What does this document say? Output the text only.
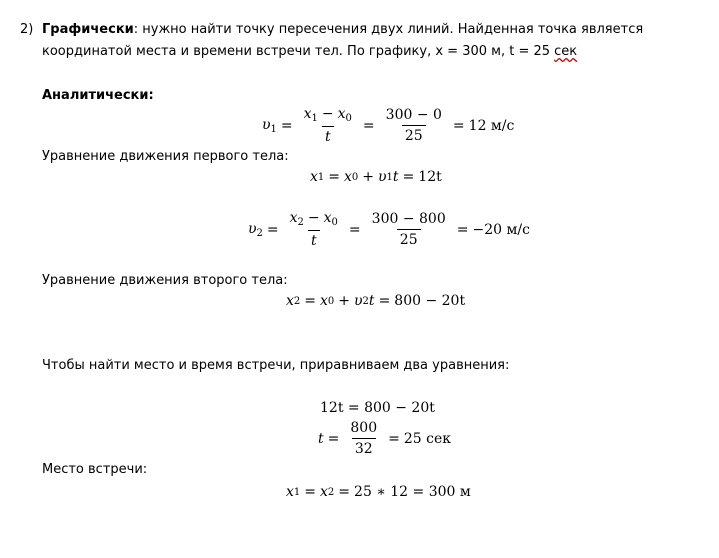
2) Графически: нужно найти точку пересечения двух линий. Найденная точка является
координатой места и времени встречи тел. По графику, x = 300 м, t = 25 сек
Аналитически:
$\upsilon_1 = \frac{x_1 - x_0}{t} = \frac{300 - 0}{25} = 12$ м/с
Уравнение движения первого тела:
x 1 = x 0 + υ 1 t = 12t
$\upsilon_2 = \frac{x_2 - x_0}{t} = \frac{300 - 800}{25} = -20$ м/с
Уравнение движения второго тела:
x 2 = x 0 + υ 2 t = 800 − 20t
Чтобы найти место и время встречи, приравниваем два уравнения:
12t = 800 − 20t
$t = \frac{800}{32} = 25$ сек
Место встречи:
x 1 = x 2 = 25 ∗ 12 = 300 м
